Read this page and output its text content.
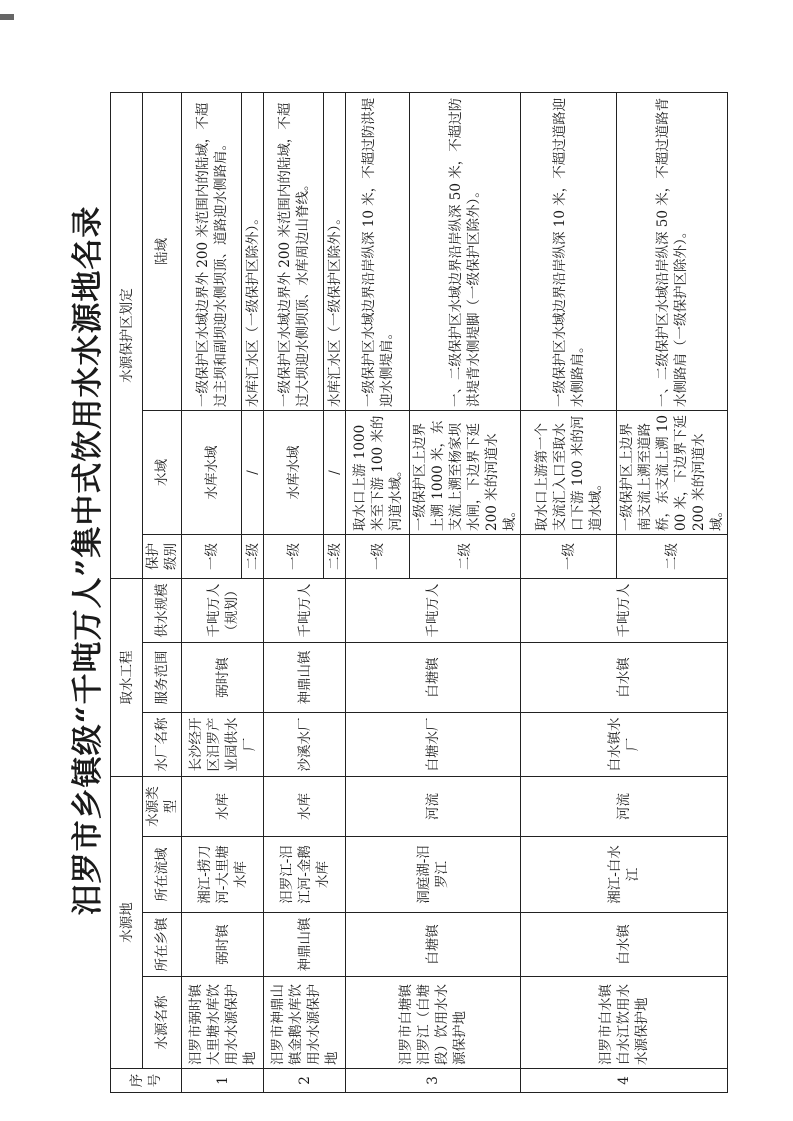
汨罗市乡镇级“千吨万人”集中式饮用水水源地名录
序号	水源地				取水工程			水源保护区划定		
	水源名称	所在乡镇	所在流域	水源类型	水厂名称	服务范围	供水规模	保护级别	水域	陆域
1	汨罗市弼时镇大里塘水库饮用水水源保护地	弼时镇	湘江-捞刀河-大里塘水库	水库	长沙经开区汨罗产业园供水厂	弼时镇	千吨万人（规划）	一级	水库水域	一级保护区水域边界外 200 米范围内的陆域，不超过主坝和副坝迎水侧坝顶、道路迎水侧路肩。
								二级	/	水库汇水区（一级保护区除外）。
2	汨罗市神鼎山镇金鹅水库饮用水水源保护地	神鼎山镇	汨罗江-汨江河-金鹅水库	水库	沙溪水厂	神鼎山镇	千吨万人	一级	水库水域	一级保护区水域边界外 200 米范围内的陆域，不超过大坝迎水侧坝顶、水库周边山脊线。
								二级	/	水库汇水区（一级保护区除外）。
3	汨罗市白塘镇汨罗江（白塘段）饮用水水源保护地	白塘镇	洞庭湖-汨罗江	河流	白塘水厂	白塘镇	千吨万人	一级	取水口上游 1000 米至下游 100 米的河道水域。	一级保护区水域边界沿岸纵深 10 米，不超过防洪堤迎水侧堤肩。
								二级	一级保护区上边界上溯 1000 米，东支流上溯至杨家坝水闸，下边界下延 200 米的河道水域。	一、二级保护区水域边界沿岸纵深 50 米，不超过防洪堤背水侧堤脚（一级保护区除外）。
4	汨罗市白水镇白水江饮用水水源保护地	白水镇	湘江-白水江	河流	白水镇水厂	白水镇	千吨万人	一级	取水口上游第一个支流汇入口至取水口下游 100 米的河道水域。	一级保护区水域边界沿岸纵深 10 米，不超过道路迎水侧路肩。
								二级	一级保护区上边界南支流上溯至道路桥，东支流上溯 1000 米，下边界下延 200 米的河道水域。	一、二级保护区水域沿岸纵深 50 米，不超过道路背水侧路肩（一级保护区除外）。
